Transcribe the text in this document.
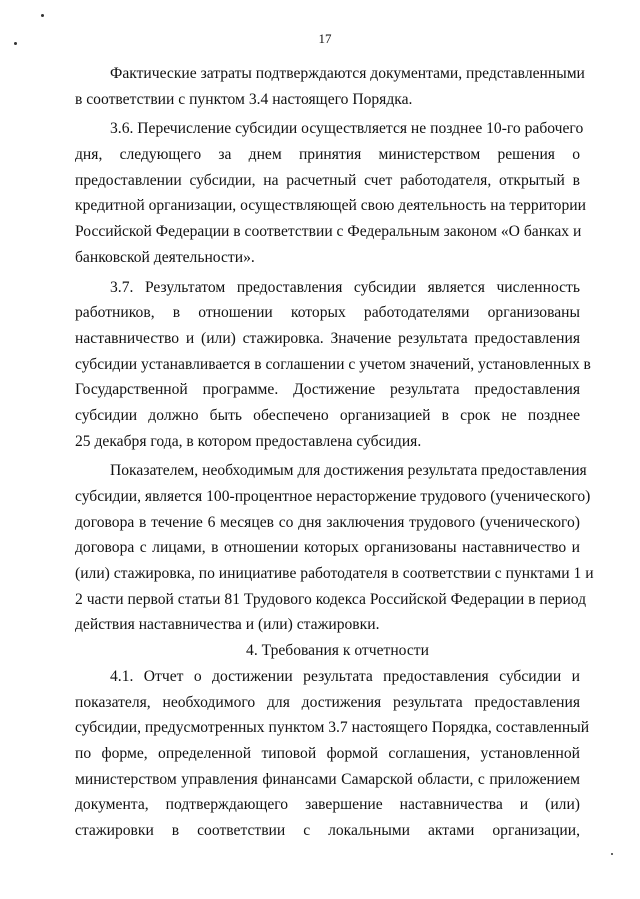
17
Фактические затраты подтверждаются документами, представленными
в соответствии с пунктом 3.4 настоящего Порядка.
3.6. Перечисление субсидии осуществляется не позднее 10-го рабочего
дня, следующего за днем принятия министерством решения о
предоставлении субсидии, на расчетный счет работодателя, открытый в
кредитной организации, осуществляющей свою деятельность на территории
Российской Федерации в соответствии с Федеральным законом «О банках и
банковской деятельности».
3.7. Результатом предоставления субсидии является численность
работников, в отношении которых работодателями организованы
наставничество и (или) стажировка. Значение результата предоставления
субсидии устанавливается в соглашении с учетом значений, установленных в
Государственной программе. Достижение результата предоставления
субсидии должно быть обеспечено организацией в срок не позднее
25 декабря года, в котором предоставлена субсидия.
Показателем, необходимым для достижения результата предоставления
субсидии, является 100-процентное нерасторжение трудового (ученического)
договора в течение 6 месяцев со дня заключения трудового (ученического)
договора с лицами, в отношении которых организованы наставничество и
(или) стажировка, по инициативе работодателя в соответствии с пунктами 1 и
2 части первой статьи 81 Трудового кодекса Российской Федерации в период
действия наставничества и (или) стажировки.
4. Требования к отчетности
4.1. Отчет о достижении результата предоставления субсидии и
показателя, необходимого для достижения результата предоставления
субсидии, предусмотренных пунктом 3.7 настоящего Порядка, составленный
по форме, определенной типовой формой соглашения, установленной
министерством управления финансами Самарской области, с приложением
документа, подтверждающего завершение наставничества и (или)
стажировки в соответствии с локальными актами организации,
